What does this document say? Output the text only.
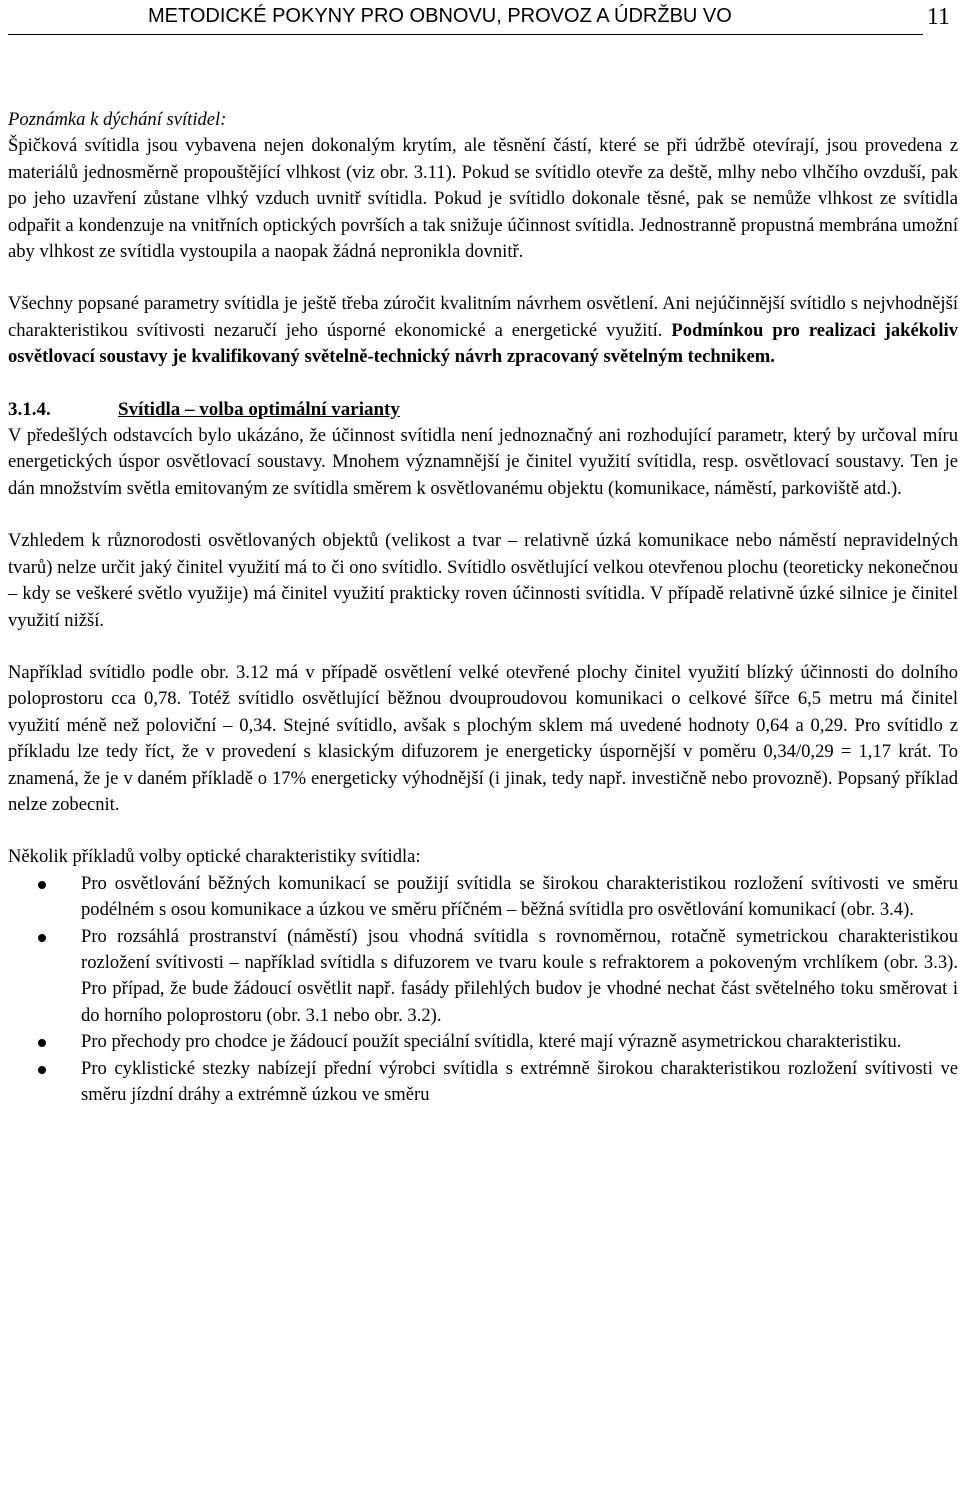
METODICKÉ POKYNY PRO OBNOVU, PROVOZ A ÚDRŽBU VO	11

Poznámka k dýchání svítidel:

Špičková svítidla jsou vybavena nejen dokonalým krytím, ale těsnění částí, které se při údržbě otevírají, jsou provedena z materiálů jednosměrně propouštějící vlhkost (viz obr. 3.11). Pokud se svítidlo otevře za deště, mlhy nebo vlhčího ovzduší, pak po jeho uzavření zůstane vlhký vzduch uvnitř svítidla. Pokud je svítidlo dokonale těsné, pak se nemůže vlhkost ze svítidla odpařit a kondenzuje na vnitřních optických površích a tak snižuje účinnost svítidla. Jednostranně propustná membrána umožní aby vlhkost ze svítidla vystoupila a naopak žádná nepronikla dovnitř.

Všechny popsané parametry svítidla je ještě třeba zúročit kvalitním návrhem osvětlení. Ani nejúčinnější svítidlo s nejvhodnější charakteristikou svítivosti nezaručí jeho úsporné ekonomické a energetické využití. Podmínkou pro realizaci jakékoliv osvětlovací soustavy je kvalifikovaný světelně-technický návrh zpracovaný světelným technikem.

3.1.4.	Svítidla – volba optimální varianty

V předešlých odstavcích bylo ukázáno, že účinnost svítidla není jednoznačný ani rozhodující parametr, který by určoval míru energetických úspor osvětlovací soustavy. Mnohem významnější je činitel využití svítidla, resp. osvětlovací soustavy. Ten je dán množstvím světla emitovaným ze svítidla směrem k osvětlovanému objektu (komunikace, náměstí, parkoviště atd.).

Vzhledem k různorodosti osvětlovaných objektů (velikost a tvar – relativně úzká komunikace nebo náměstí nepravidelných tvarů) nelze určit jaký činitel využití má to či ono svítidlo. Svítidlo osvětlující velkou otevřenou plochu (teoreticky nekonečnou – kdy se veškeré světlo využije) má činitel využití prakticky roven účinnosti svítidla. V případě relativně úzké silnice je činitel využití nižší.

Například svítidlo podle obr. 3.12 má v případě osvětlení velké otevřené plochy činitel využití blízký účinnosti do dolního poloprostoru cca 0,78. Totéž svítidlo osvětlující běžnou dvouproudovou komunikaci o celkové šířce 6,5 metru má činitel využití méně než poloviční – 0,34. Stejné svítidlo, avšak s plochým sklem má uvedené hodnoty 0,64 a 0,29. Pro svítidlo z příkladu lze tedy říct, že v provedení s klasickým difuzorem je energeticky úspornější v poměru 0,34/0,29 = 1,17 krát. To znamená, že je v daném příkladě o 17% energeticky výhodnější (i jinak, tedy např. investičně nebo provozně). Popsaný příklad nelze zobecnit.

Několik příkladů volby optické charakteristiky svítidla:

Pro osvětlování běžných komunikací se použijí svítidla se širokou charakteristikou rozložení svítivosti ve směru podélném s osou komunikace a úzkou ve směru příčném – běžná svítidla pro osvětlování komunikací (obr. 3.4).
Pro rozsáhlá prostranství (náměstí) jsou vhodná svítidla s rovnoměrnou, rotačně symetrickou charakteristikou rozložení svítivosti – například svítidla s difuzorem ve tvaru koule s refraktorem a pokoveným vrchlíkem (obr. 3.3). Pro případ, že bude žádoucí osvětlit např. fasády přilehlých budov je vhodné nechat část světelného toku směrovat i do horního poloprostoru (obr. 3.1 nebo obr. 3.2).
Pro přechody pro chodce je žádoucí použít speciální svítidla, které mají výrazně asymetrickou charakteristiku.
Pro cyklistické stezky nabízejí přední výrobci svítidla s extrémně širokou charakteristikou rozložení svítivosti ve směru jízdní dráhy a extrémně úzkou ve směru
